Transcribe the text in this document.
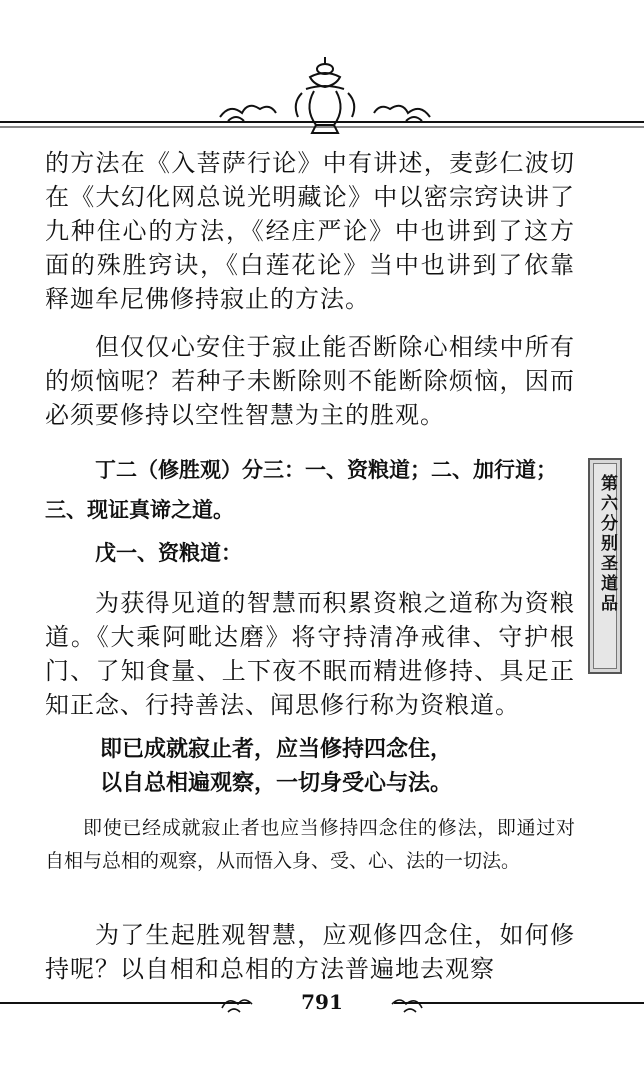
的方法在《入菩萨行论》中有讲述，麦彭仁波切在《大幻化网总说光明藏论》中以密宗窍诀讲了九种住心的方法，《经庄严论》中也讲到了这方面的殊胜窍诀，《白莲花论》当中也讲到了依靠释迦牟尼佛修持寂止的方法。

但仅仅心安住于寂止能否断除心相续中所有的烦恼呢？若种子未断除则不能断除烦恼，因而必须要修持以空性智慧为主的胜观。

丁二（修胜观）分三：一、资粮道；二、加行道；三、现证真谛之道。

戊一、资粮道：

为获得见道的智慧而积累资粮之道称为资粮道。《大乘阿毗达磨》将守持清净戒律、守护根门、了知食量、上下夜不眠而精进修持、具足正知正念、行持善法、闻思修行称为资粮道。

即已成就寂止者，应当修持四念住，

以自总相遍观察，一切身受心与法。

即使已经成就寂止者也应当修持四念住的修法，即通过对自相与总相的观察，从而悟入身、受、心、法的一切法。

为了生起胜观智慧，应观修四念住，如何修持呢？以自相和总相的方法普遍地去观察

第六分别圣道品
791
